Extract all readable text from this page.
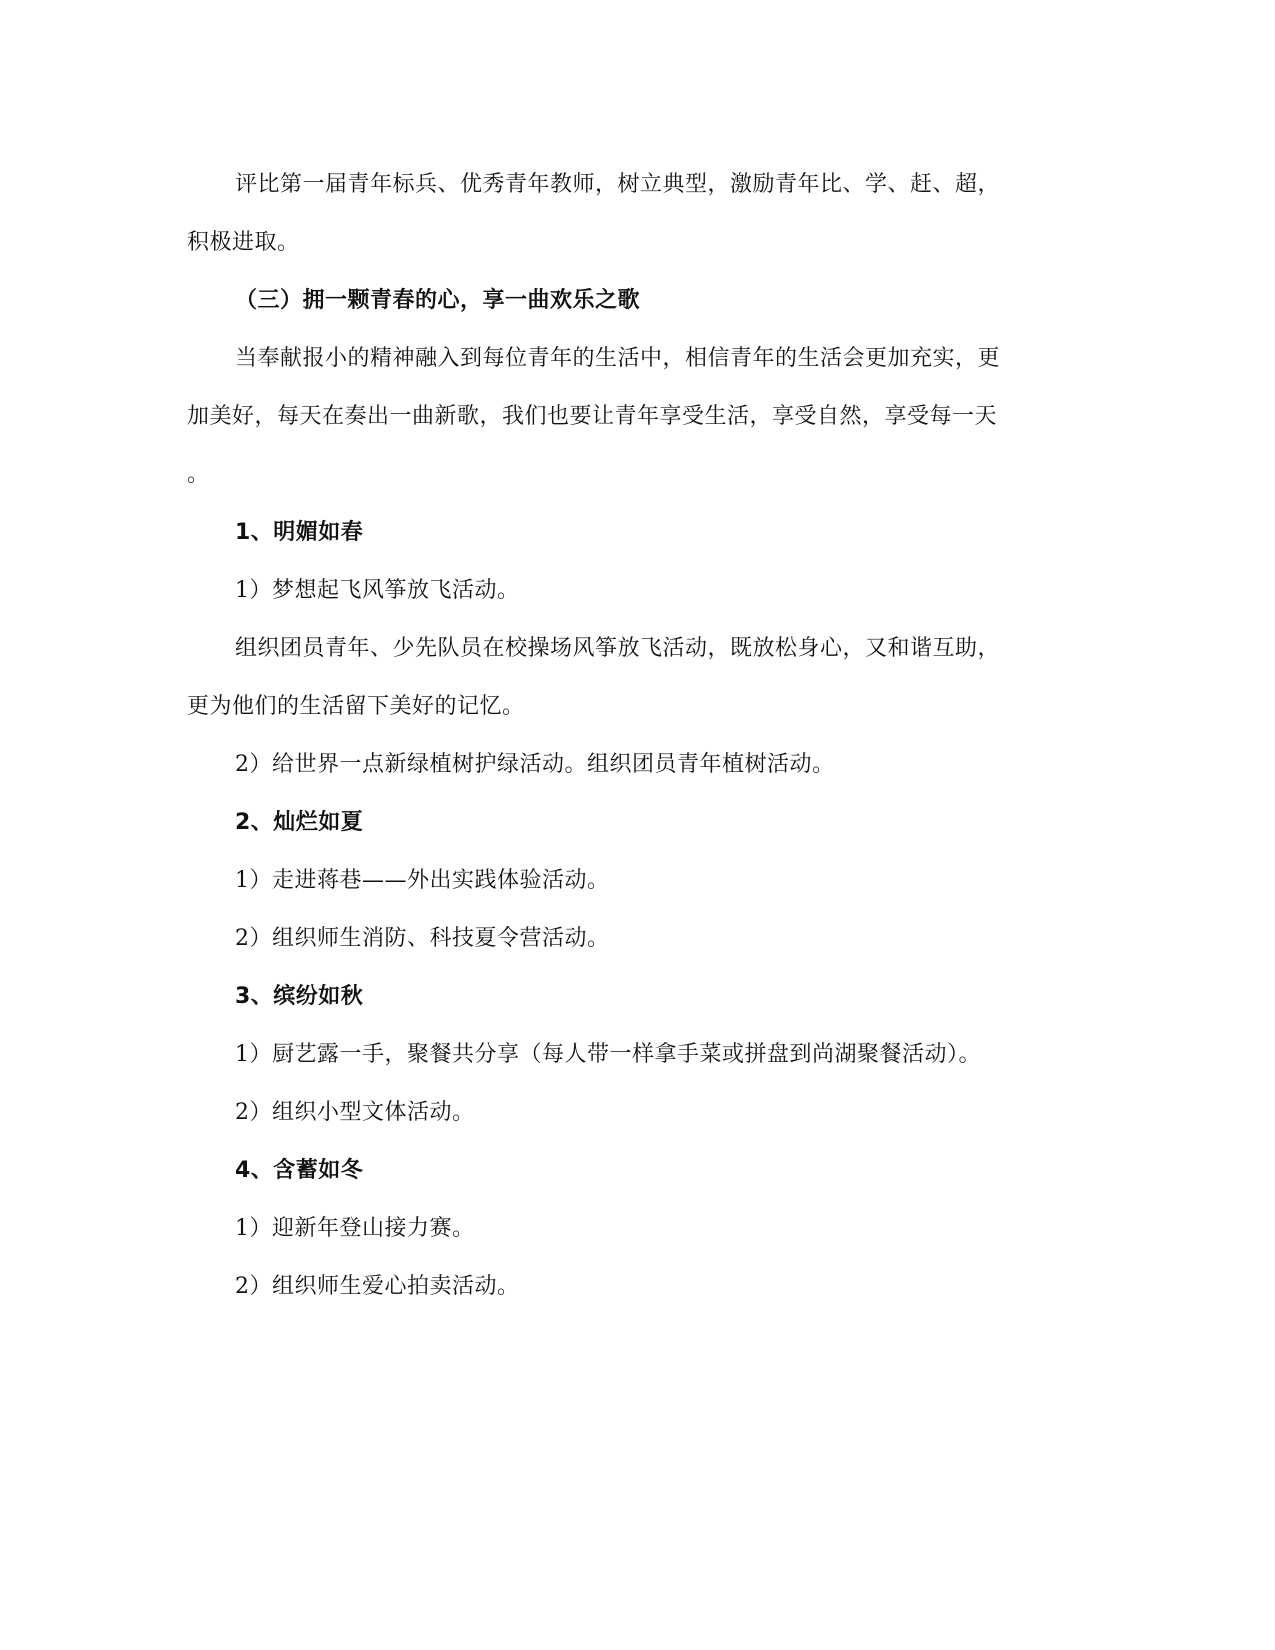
评比第一届青年标兵、优秀青年教师，树立典型，激励青年比、学、赶、超，
积极进取。
（三）拥一颗青春的心，享一曲欢乐之歌
当奉献报小的精神融入到每位青年的生活中，相信青年的生活会更加充实，更
加美好，每天在奏出一曲新歌，我们也要让青年享受生活，享受自然，享受每一天
。
1、明媚如春
1）梦想起飞风筝放飞活动。
组织团员青年、少先队员在校操场风筝放飞活动，既放松身心，又和谐互助，
更为他们的生活留下美好的记忆。
2）给世界一点新绿植树护绿活动。组织团员青年植树活动。
2、灿烂如夏
1）走进蒋巷——外出实践体验活动。
2）组织师生消防、科技夏令营活动。
3、缤纷如秋
1）厨艺露一手，聚餐共分享（每人带一样拿手菜或拼盘到尚湖聚餐活动）。
2）组织小型文体活动。
4、含蓄如冬
1）迎新年登山接力赛。
2）组织师生爱心拍卖活动。
